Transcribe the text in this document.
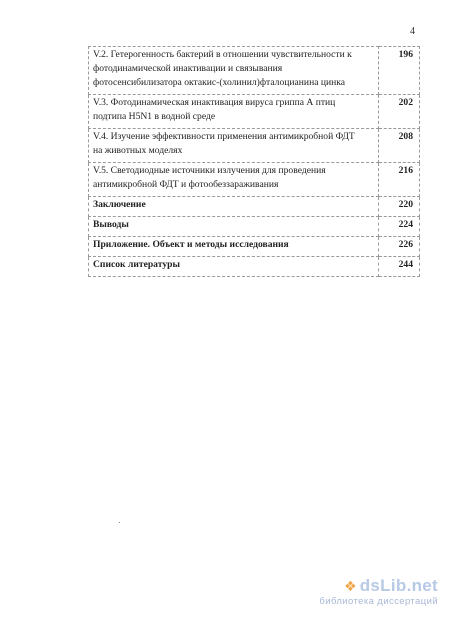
4
V.2. Гетерогенность бактерий в отношении чувствительности к
фотодинамической инактивации и связывания
фотосенсибилизатора октакис-(холинил)фталоцианина цинка	196

V.3. Фотодинамическая инактивация вируса гриппа А птиц
подтипа H5N1 в водной среде	202

V.4. Изучение эффективности применения антимикробной ФДТ
на животных моделях	208

V.5. Светодиодные источники излучения для проведения
антимикробной ФДТ и фотообеззараживания	216

Заключение	220

Выводы	224

Приложение. Объект и методы исследования	226

Список литературы	244
❖ dsLib.net
библиотека диссертаций
